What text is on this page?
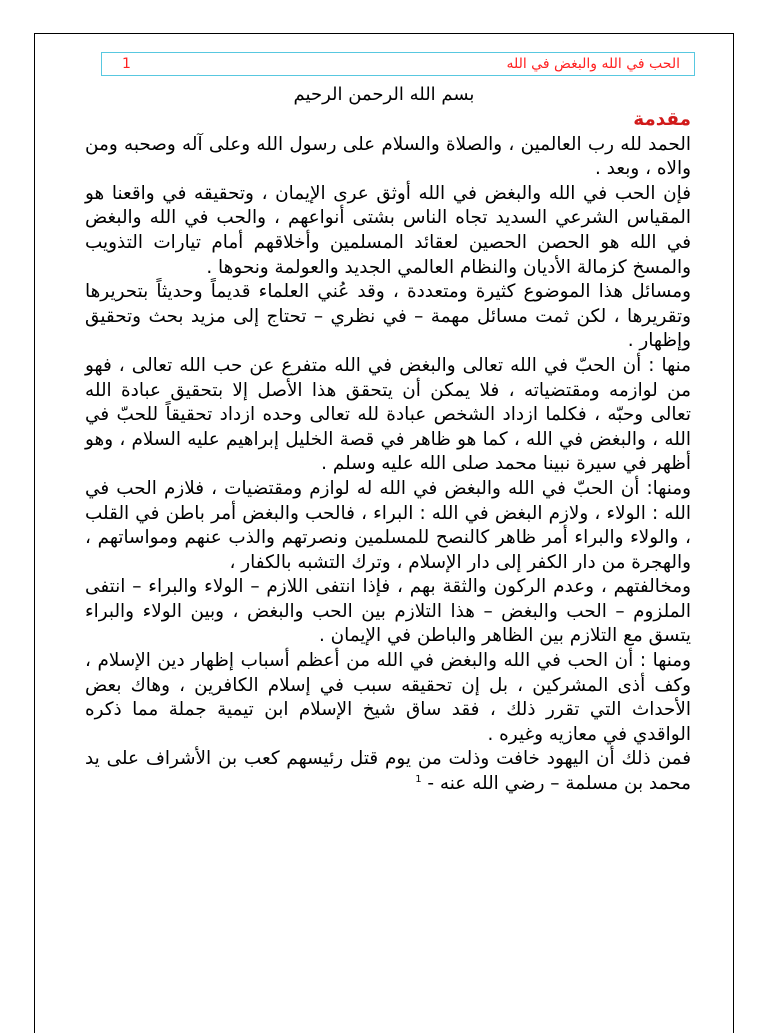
الحب في الله والبغض في الله
1
بسم الله الرحمن الرحيم

مقدمة

الحمد لله رب العالمين ، والصلاة والسلام على رسول الله وعلى آله وصحبه ومن والاه ، وبعد .

فإن الحب في الله والبغض في الله أوثق عرى الإيمان ، وتحقيقه في واقعنا هو المقياس الشرعي السديد تجاه الناس بشتى أنواعهم ، والحب في الله والبغض في الله هو الحصن الحصين لعقائد المسلمين وأخلاقهم أمام تيارات التذويب والمسخ كزمالة الأديان والنظام العالمي الجديد والعولمة ونحوها .

ومسائل هذا الموضوع كثيرة ومتعددة ، وقد عُني العلماء قديماً وحديثاً بتحريرها وتقريرها ، لكن ثمت مسائل مهمة – في نظري – تحتاج إلى مزيد بحث وتحقيق وإظهار .

منها : أن الحبّ في الله تعالى والبغض في الله متفرع عن حب الله تعالى ، فهو من لوازمه ومقتضياته ، فلا يمكن أن يتحقق هذا الأصل إلا بتحقيق عبادة الله تعالى وحبّه ، فكلما ازداد الشخص عبادة لله تعالى وحده ازداد تحقيقاً للحبّ في الله ، والبغض في الله ، كما هو ظاهر في قصة الخليل إبراهيم عليه السلام ، وهو أظهر في سيرة نبينا محمد صلى الله عليه وسلم .

ومنها: أن الحبّ في الله والبغض في الله له لوازم ومقتضيات ، فلازم الحب في الله : الولاء ، ولازم البغض في الله : البراء ، فالحب والبغض أمر باطن في القلب ، والولاء والبراء أمر ظاهر كالنصح للمسلمين ونصرتهم والذب عنهم ومواساتهم ، والهجرة من دار الكفر إلى دار الإسلام ، وترك التشبه بالكفار ،

ومخالفتهم ، وعدم الركون والثقة بهم ، فإذا انتفى اللازم – الولاء والبراء – انتفى الملزوم – الحب والبغض – هذا التلازم بين الحب والبغض ، وبين الولاء والبراء يتسق مع التلازم بين الظاهر والباطن في الإيمان .

ومنها : أن الحب في الله والبغض في الله من أعظم أسباب إظهار دين الإسلام ، وكف أذى المشركين ، بل إن تحقيقه سبب في إسلام الكافرين ، وهاك بعض الأحداث التي تقرر ذلك ، فقد ساق شيخ الإسلام ابن تيمية جملة مما ذكره الواقدي في معازيه وغيره .

فمن ذلك أن اليهود خافت وذلت من يوم قتل رئيسهم كعب بن الأشراف على يد محمد بن مسلمة – رضي الله عنه - $^1$
